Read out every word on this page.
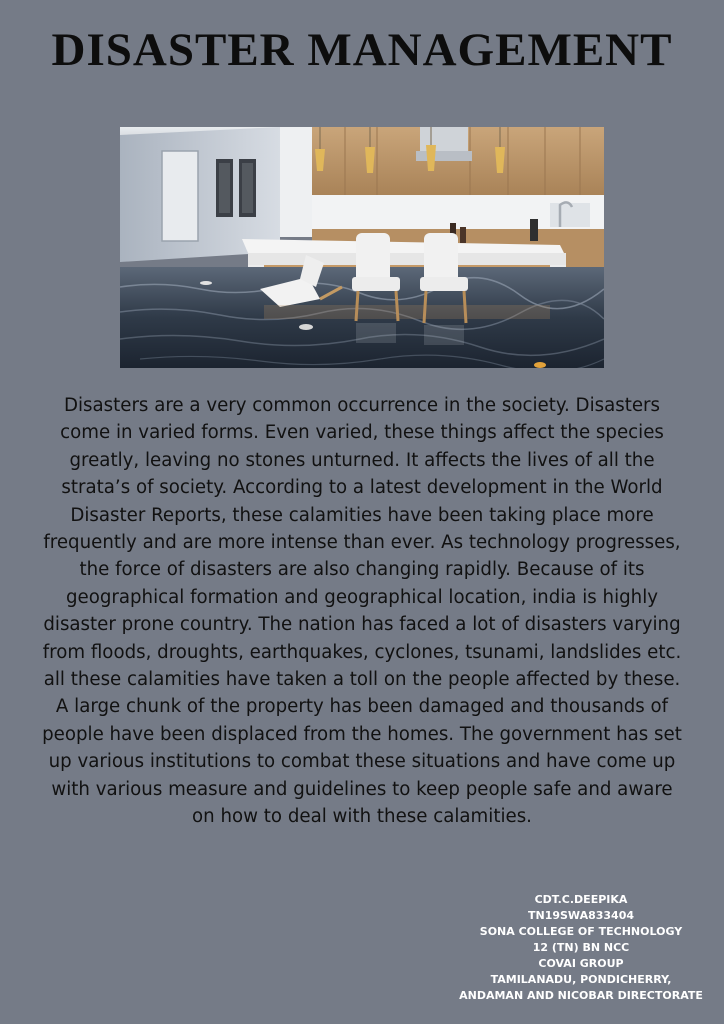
DISASTER MANAGEMENT

Disasters are a very common occurrence in the society. Disasters come in varied forms. Even varied, these things affect the species greatly, leaving no stones unturned. It affects the lives of all the strata’s of society. According to a latest development in the World Disaster Reports, these calamities have been taking place more frequently and are more intense than ever. As technology progresses, the force of disasters are also changing rapidly. Because of its geographical formation and geographical location, india is highly disaster prone country. The nation has faced a lot of disasters varying from floods, droughts, earthquakes, cyclones, tsunami, landslides etc. all these calamities have taken a toll on the people affected by these. A large chunk of the property has been damaged and thousands of people have been displaced from the homes. The government has set up various institutions to combat these situations and have come up with various measure and guidelines to keep people safe and aware on how to deal with these calamities.

CDT.C.DEEPIKA
TN19SWA833404
SONA COLLEGE OF TECHNOLOGY
12 (TN) BN NCC
COVAI GROUP
TAMILANADU, PONDICHERRY,
ANDAMAN AND NICOBAR DIRECTORATE
